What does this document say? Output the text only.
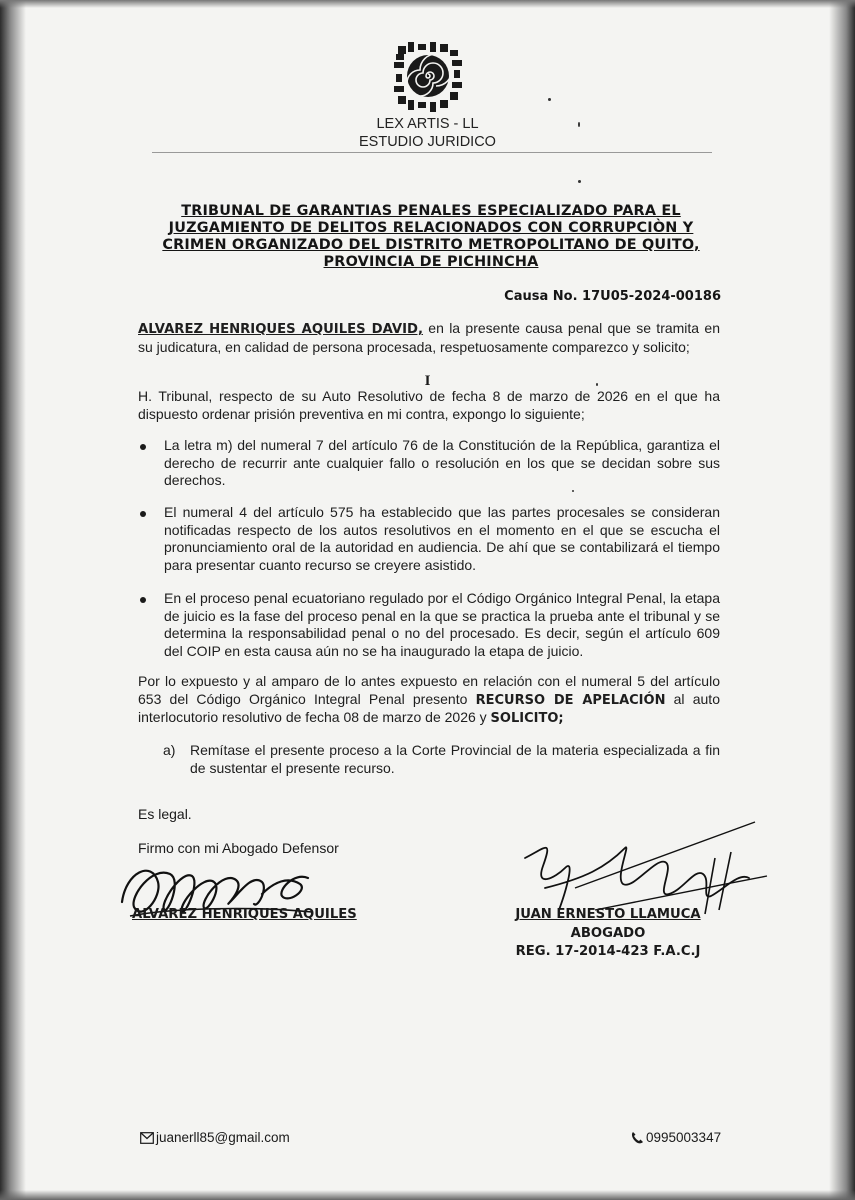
LEX ARTIS - LL
ESTUDIO JURIDICO
TRIBUNAL DE GARANTIAS PENALES ESPECIALIZADO PARA EL JUZGAMIENTO DE DELITOS RELACIONADOS CON CORRUPCIÒN Y CRIMEN ORGANIZADO DEL DISTRITO METROPOLITANO DE QUITO, PROVINCIA DE PICHINCHA
Causa No. 17U05-2024-00186
ALVAREZ HENRIQUES AQUILES DAVID, en la presente causa penal que se tramita en su judicatura, en calidad de persona procesada, respetuosamente comparezco y solicito;
I
H. Tribunal, respecto de su Auto Resolutivo de fecha 8 de marzo de 2026 en el que ha dispuesto ordenar prisión preventiva en mi contra, expongo lo siguiente;
La letra m) del numeral 7 del artículo 76 de la Constitución de la República, garantiza el derecho de recurrir ante cualquier fallo o resolución en los que se decidan sobre sus derechos.
El numeral 4 del artículo 575 ha establecido que las partes procesales se consideran notificadas respecto de los autos resolutivos en el momento en el que se escucha el pronunciamiento oral de la autoridad en audiencia. De ahí que se contabilizará el tiempo para presentar cuanto recurso se creyere asistido.
En el proceso penal ecuatoriano regulado por el Código Orgánico Integral Penal, la etapa de juicio es la fase del proceso penal en la que se practica la prueba ante el tribunal y se determina la responsabilidad penal o no del procesado. Es decir, según el artículo 609 del COIP en esta causa aún no se ha inaugurado la etapa de juicio.
Por lo expuesto y al amparo de lo antes expuesto en relación con el numeral 5 del artículo 653 del Código Orgánico Integral Penal presento RECURSO DE APELACIÓN al auto interlocutorio resolutivo de fecha 08 de marzo de 2026 y SOLICITO;
a) Remítase el presente proceso a la Corte Provincial de la materia especializada a fin de sustentar el presente recurso.
Es legal.
Firmo con mi Abogado Defensor
ALVAREZ HENRIQUES AQUILES	JUAN ERNESTO LLAMUCA
ABOGADO
REG. 17-2014-423 F.A.C.J
juanerll85@gmail.com	0995003347
